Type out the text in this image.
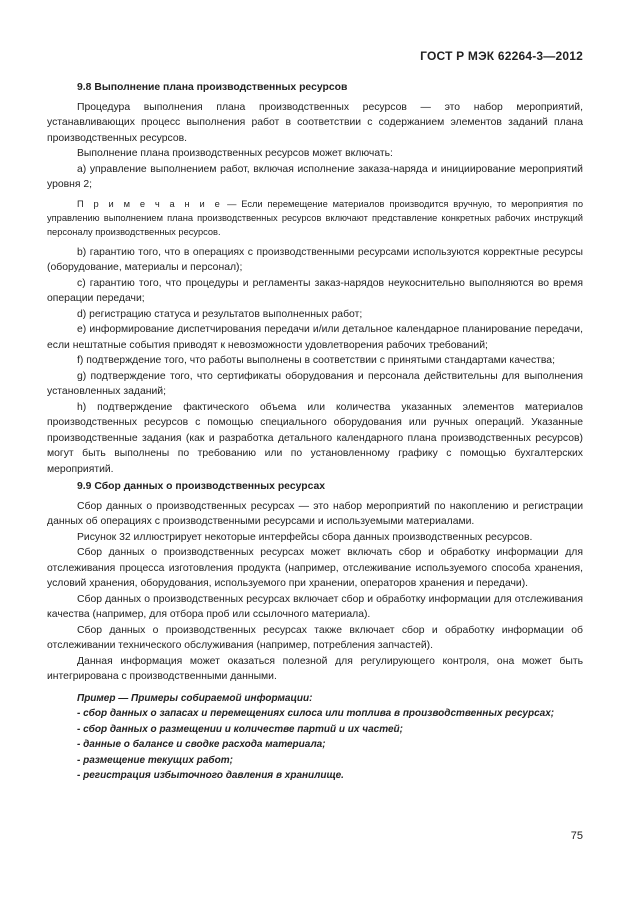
ГОСТ Р МЭК 62264-3—2012

9.8 Выполнение плана производственных ресурсов

Процедура выполнения плана производственных ресурсов — это набор мероприятий, устанавливающих процесс выполнения работ в соответствии с содержанием элементов заданий плана производственных ресурсов.

Выполнение плана производственных ресурсов может включать:

а) управление выполнением работ, включая исполнение заказа-наряда и инициирование мероприятий уровня 2;

П р и м е ч а н и е — Если перемещение материалов производится вручную, то мероприятия по управлению выполнением плана производственных ресурсов включают представление конкретных рабочих инструкций персоналу производственных ресурсов.

b) гарантию того, что в операциях с производственными ресурсами используются корректные ресурсы (оборудование, материалы и персонал);

c) гарантию того, что процедуры и регламенты заказ-нарядов неукоснительно выполняются во время операции передачи;

d) регистрацию статуса и результатов выполненных работ;

e) информирование диспетчирования передачи и/или детальное календарное планирование передачи, если нештатные события приводят к невозможности удовлетворения рабочих требований;

f) подтверждение того, что работы выполнены в соответствии с принятыми стандартами качества;

g) подтверждение того, что сертификаты оборудования и персонала действительны для выполнения установленных заданий;

h) подтверждение фактического объема или количества указанных элементов материалов производственных ресурсов с помощью специального оборудования или ручных операций. Указанные производственные задания (как и разработка детального календарного плана производственных ресурсов) могут быть выполнены по требованию или по установленному графику с помощью бухгалтерских мероприятий.

9.9 Сбор данных о производственных ресурсах

Сбор данных о производственных ресурсах — это набор мероприятий по накоплению и регистрации данных об операциях с производственными ресурсами и используемыми материалами.

Рисунок 32 иллюстрирует некоторые интерфейсы сбора данных производственных ресурсов.

Сбор данных о производственных ресурсах может включать сбор и обработку информации для отслеживания процесса изготовления продукта (например, отслеживание используемого способа хранения, условий хранения, оборудования, используемого при хранении, операторов хранения и передачи).

Сбор данных о производственных ресурсах включает сбор и обработку информации для отслеживания качества (например, для отбора проб или ссылочного материала).

Сбор данных о производственных ресурсах также включает сбор и обработку информации об отслеживании технического обслуживания (например, потребления запчастей).

Данная информация может оказаться полезной для регулирующего контроля, она может быть интегрирована с производственными данными.

Пример — Примеры собираемой информации:

- сбор данных о запасах и перемещениях силоса или топлива в производственных ресурсах;

- сбор данных о размещении и количестве партий и их частей;

- данные о балансе и сводке расхода материала;

- размещение текущих работ;

- регистрация избыточного давления в хранилище.

75
